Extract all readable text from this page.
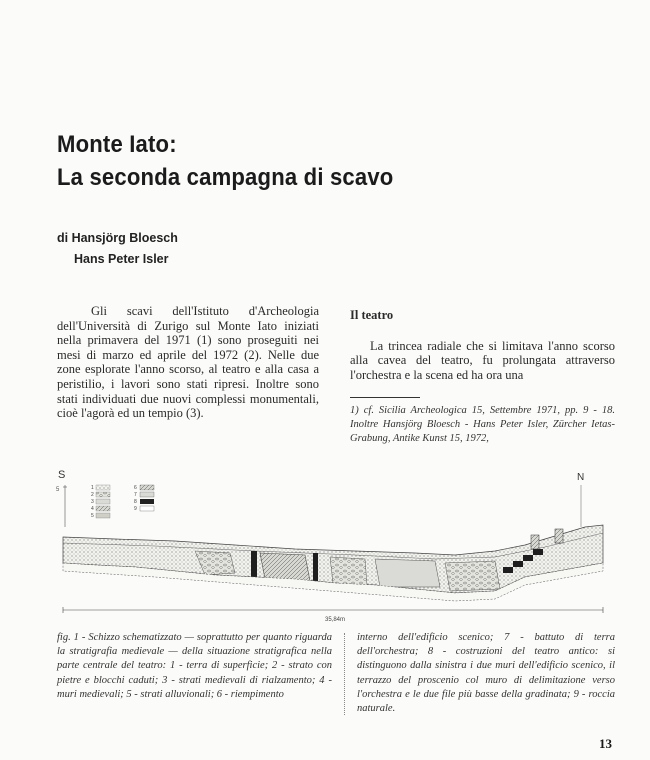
Monte Iato:
La seconda campagna di scavo
di Hansjörg Bloesch
Hans Peter Isler

Gli scavi dell'Istituto d'Archeologia dell'Università di Zurigo sul Monte Iato iniziati nella primavera del 1971 (1) sono proseguiti nei mesi di marzo ed aprile del 1972 (2). Nelle due zone esplorate l'anno scorso, al teatro e alla casa a peristilio, i lavori sono stati ripresi. Inoltre sono stati individuati due nuovi complessi monumentali, cioè l'agorà ed un tempio (3).

Il teatro

La trincea radiale che si limitava l'anno scorso alla cavea del teatro, fu prolungata attraverso l'orchestra e la scena ed ha ora una

1) cf. Sicilia Archeologica 15, Settembre 1971, pp. 9 - 18. Inoltre Hansjörg Bloesch - Hans Peter Isler, Zürcher Ietas-Grabung, Antike Kunst 15, 1972,
S
5
N
1
2
3
4
5
6
7
8
9
35,84m
fig. 1 - Schizzo schematizzato — soprattutto per quanto riguarda la stratigrafia medievale — della situazione stratigrafica nella parte centrale del teatro: 1 - terra di superficie; 2 - strato con pietre e blocchi caduti; 3 - strati medievali di rialzamento; 4 - muri medievali; 5 - strati alluvionali; 6 - riempimento
interno dell'edificio scenico; 7 - battuto di terra dell'orchestra; 8 - costruzioni del teatro antico: si distinguono dalla sinistra i due muri dell'edificio scenico, il terrazzo del proscenio col muro di delimitazione verso l'orchestra e le due file più basse della gradinata; 9 - roccia naturale.
13
